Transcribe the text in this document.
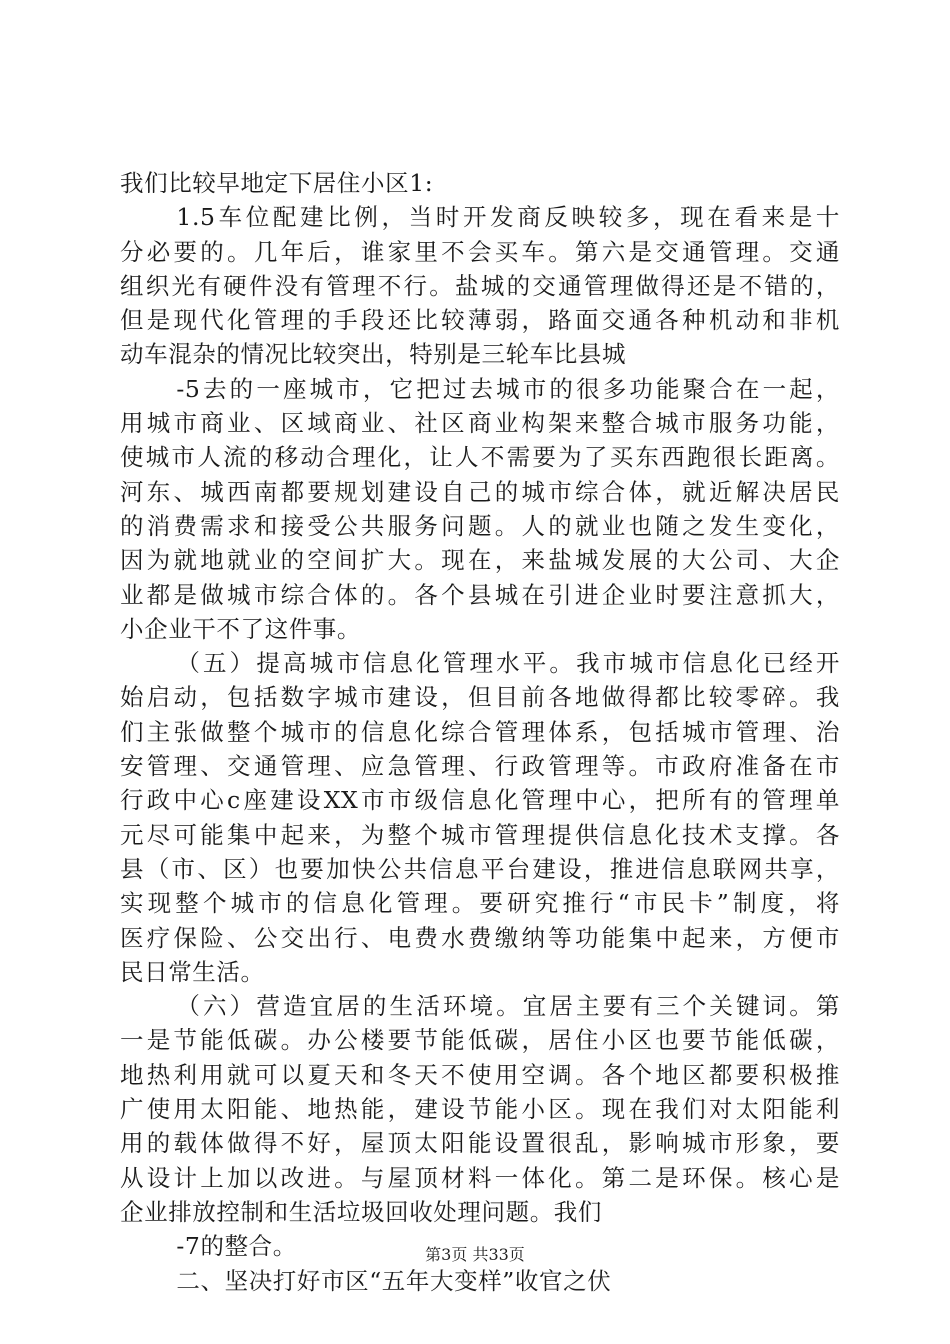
我们比较早地定下居住小区1:
1.5车位配建比例，当时开发商反映较多，现在看来是十
分必要的。几年后，谁家里不会买车。第六是交通管理。交通
组织光有硬件没有管理不行。盐城的交通管理做得还是不错的，
但是现代化管理的手段还比较薄弱，路面交通各种机动和非机
动车混杂的情况比较突出，特别是三轮车比县城
-5去的一座城市，它把过去城市的很多功能聚合在一起，
用城市商业、区域商业、社区商业构架来整合城市服务功能，
使城市人流的移动合理化，让人不需要为了买东西跑很长距离。
河东、城西南都要规划建设自己的城市综合体，就近解决居民
的消费需求和接受公共服务问题。人的就业也随之发生变化，
因为就地就业的空间扩大。现在，来盐城发展的大公司、大企
业都是做城市综合体的。各个县城在引进企业时要注意抓大，
小企业干不了这件事。
（五）提高城市信息化管理水平。我市城市信息化已经开
始启动，包括数字城市建设，但目前各地做得都比较零碎。我
们主张做整个城市的信息化综合管理体系，包括城市管理、治
安管理、交通管理、应急管理、行政管理等。市政府准备在市
行政中心c座建设XX市市级信息化管理中心，把所有的管理单
元尽可能集中起来，为整个城市管理提供信息化技术支撑。各
县（市、区）也要加快公共信息平台建设，推进信息联网共享，
实现整个城市的信息化管理。要研究推行“市民卡”制度，将
医疗保险、公交出行、电费水费缴纳等功能集中起来，方便市
民日常生活。
（六）营造宜居的生活环境。宜居主要有三个关键词。第
一是节能低碳。办公楼要节能低碳，居住小区也要节能低碳，
地热利用就可以夏天和冬天不使用空调。各个地区都要积极推
广使用太阳能、地热能，建设节能小区。现在我们对太阳能利
用的载体做得不好，屋顶太阳能设置很乱，影响城市形象，要
从设计上加以改进。与屋顶材料一体化。第二是环保。核心是
企业排放控制和生活垃圾回收处理问题。我们
-7的整合。
二、坚决打好市区“五年大变样”收官之伏
第3页 共33页
